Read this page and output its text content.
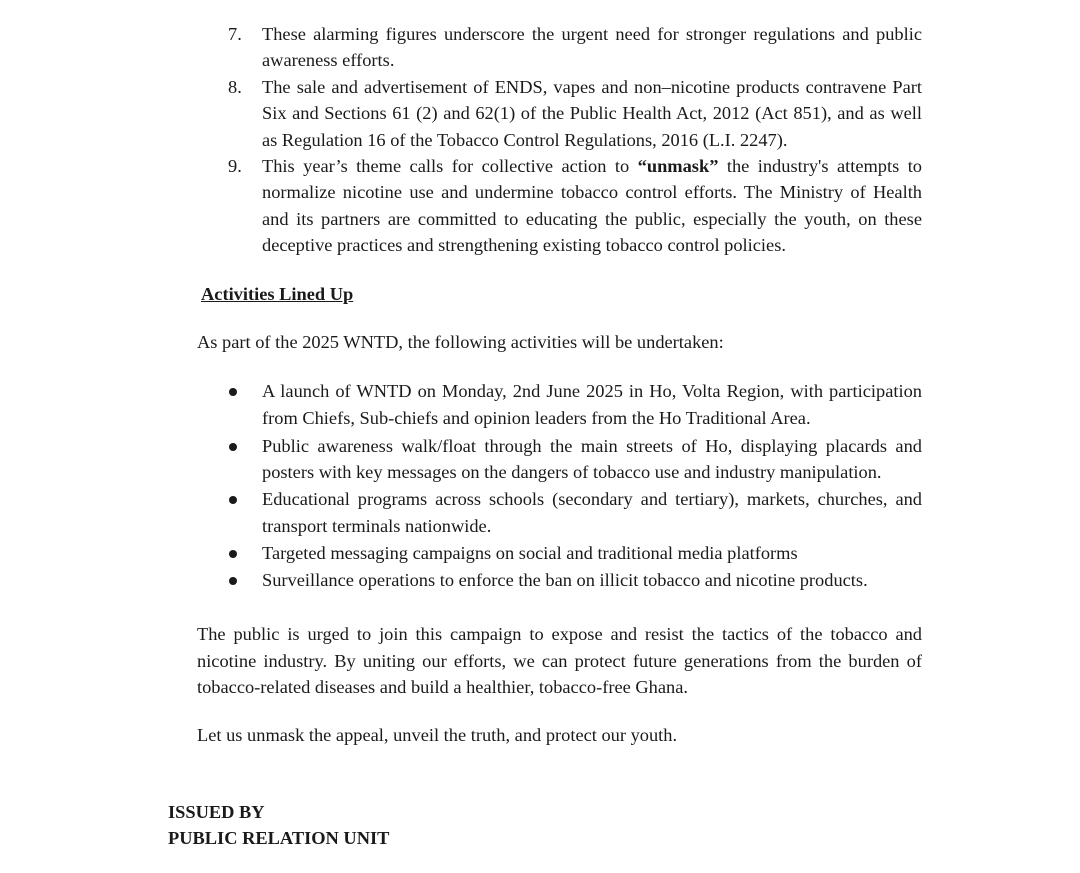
7. These alarming figures underscore the urgent need for stronger regulations and public awareness efforts.
8. The sale and advertisement of ENDS, vapes and non–nicotine products contravene Part Six and Sections 61 (2) and 62(1) of the Public Health Act, 2012 (Act 851), and as well as Regulation 16 of the Tobacco Control Regulations, 2016 (L.I. 2247).
9. This year’s theme calls for collective action to “unmask” the industry's attempts to normalize nicotine use and undermine tobacco control efforts. The Ministry of Health and its partners are committed to educating the public, especially the youth, on these deceptive practices and strengthening existing tobacco control policies.
Activities Lined Up

As part of the 2025 WNTD, the following activities will be undertaken:

A launch of WNTD on Monday, 2nd June 2025 in Ho, Volta Region, with participation from Chiefs, Sub-chiefs and opinion leaders from the Ho Traditional Area.
Public awareness walk/float through the main streets of Ho, displaying placards and posters with key messages on the dangers of tobacco use and industry manipulation.
Educational programs across schools (secondary and tertiary), markets, churches, and transport terminals nationwide.
Targeted messaging campaigns on social and traditional media platforms
Surveillance operations to enforce the ban on illicit tobacco and nicotine products.

The public is urged to join this campaign to expose and resist the tactics of the tobacco and nicotine industry. By uniting our efforts, we can protect future generations from the burden of tobacco-related diseases and build a healthier, tobacco-free Ghana.

Let us unmask the appeal, unveil the truth, and protect our youth.

ISSUED BY
PUBLIC RELATION UNIT
